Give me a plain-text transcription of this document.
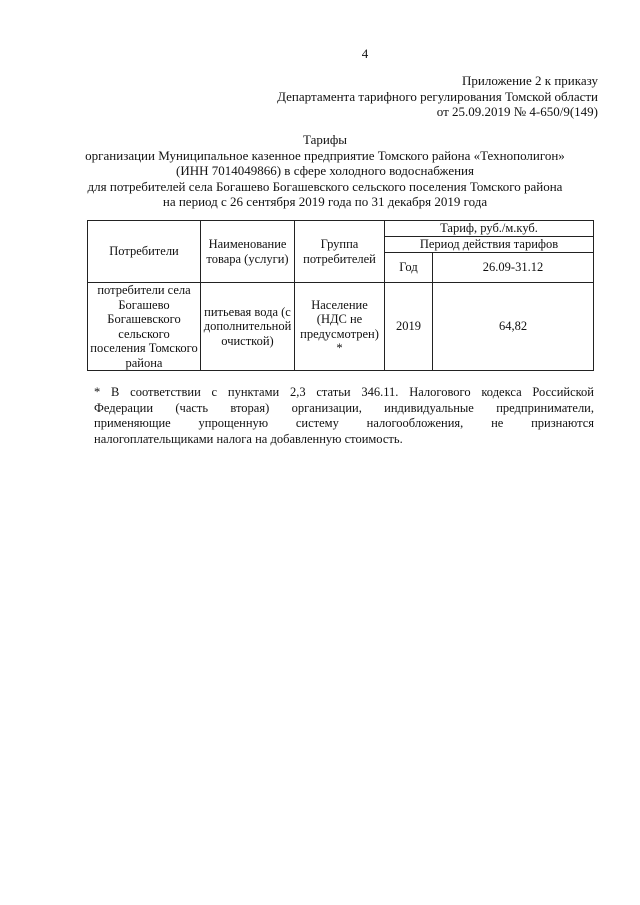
4
Приложение 2 к приказу
Департамента тарифного регулирования Томской области
от 25.09.2019 № 4-650/9(149)
Тарифы
организации Муниципальное казенное предприятие Томского района «Технополигон»
(ИНН 7014049866) в сфере холодного водоснабжения
для потребителей села Богашево Богашевского сельского поселения Томского района
на период с 26 сентября 2019 года по 31 декабря 2019 года
Потребители	Наименование товара (услуги)	Группа потребителей	Тариф, руб./м.куб.	
			Период действия тарифов	
			Год	26.09-31.12
потребители села Богашево Богашевского сельского поселения Томского района	питьевая вода (с дополнительной очисткой)	Население (НДС не предусмотрен) *	2019	64,82
* В соответствии с пунктами 2,3 статьи 346.11. Налогового кодекса Российской
Федерации (часть вторая) организации, индивидуальные предприниматели,
применяющие упрощенную систему налогообложения, не признаются
налогоплательщиками налога на добавленную стоимость.
